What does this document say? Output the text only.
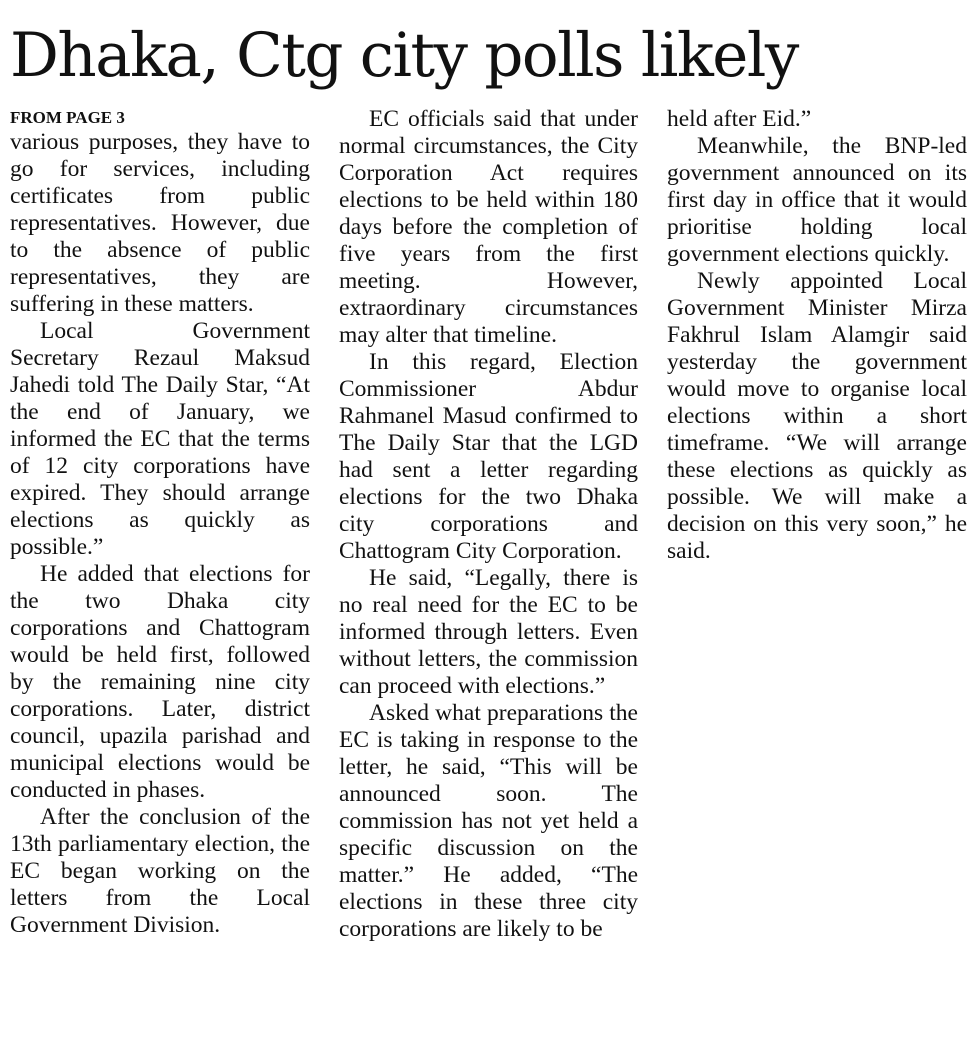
Dhaka, Ctg city polls likely
FROM PAGE 3

various purposes, they have to go for services, including certificates from public representatives. However, due to the absence of public representatives, they are suffering in these matters.

Local Government Secretary Rezaul Maksud Jahedi told The Daily Star, “At the end of January, we informed the EC that the terms of 12 city corporations have expired. They should arrange elections as quickly as possible.”

He added that elections for the two Dhaka city corporations and Chattogram would be held first, followed by the remaining nine city corporations. Later, district council, upazila parishad and municipal elections would be conducted in phases.

After the conclusion of the 13th parliamentary election, the EC began working on the letters from the Local Government Division.

EC officials said that under normal circumstances, the City Corporation Act requires elections to be held within 180 days before the completion of five years from the first meeting. However, extraordinary circumstances may alter that timeline.

In this regard, Election Commissioner Abdur Rahmanel Masud confirmed to The Daily Star that the LGD had sent a letter regarding elections for the two Dhaka city corporations and Chattogram City Corporation.

He said, “Legally, there is no real need for the EC to be informed through letters. Even without letters, the commission can proceed with elections.”

Asked what preparations the EC is taking in response to the letter, he said, “This will be announced soon. The commission has not yet held a specific discussion on the matter.” He added, “The elections in these three city corporations are likely to be

held after Eid.”

Meanwhile, the BNP-led government announced on its first day in office that it would prioritise holding local government elections quickly.

Newly appointed Local Government Minister Mirza Fakhrul Islam Alamgir said yesterday the government would move to organise local elections within a short timeframe. “We will arrange these elections as quickly as possible. We will make a decision on this very soon,” he said.
